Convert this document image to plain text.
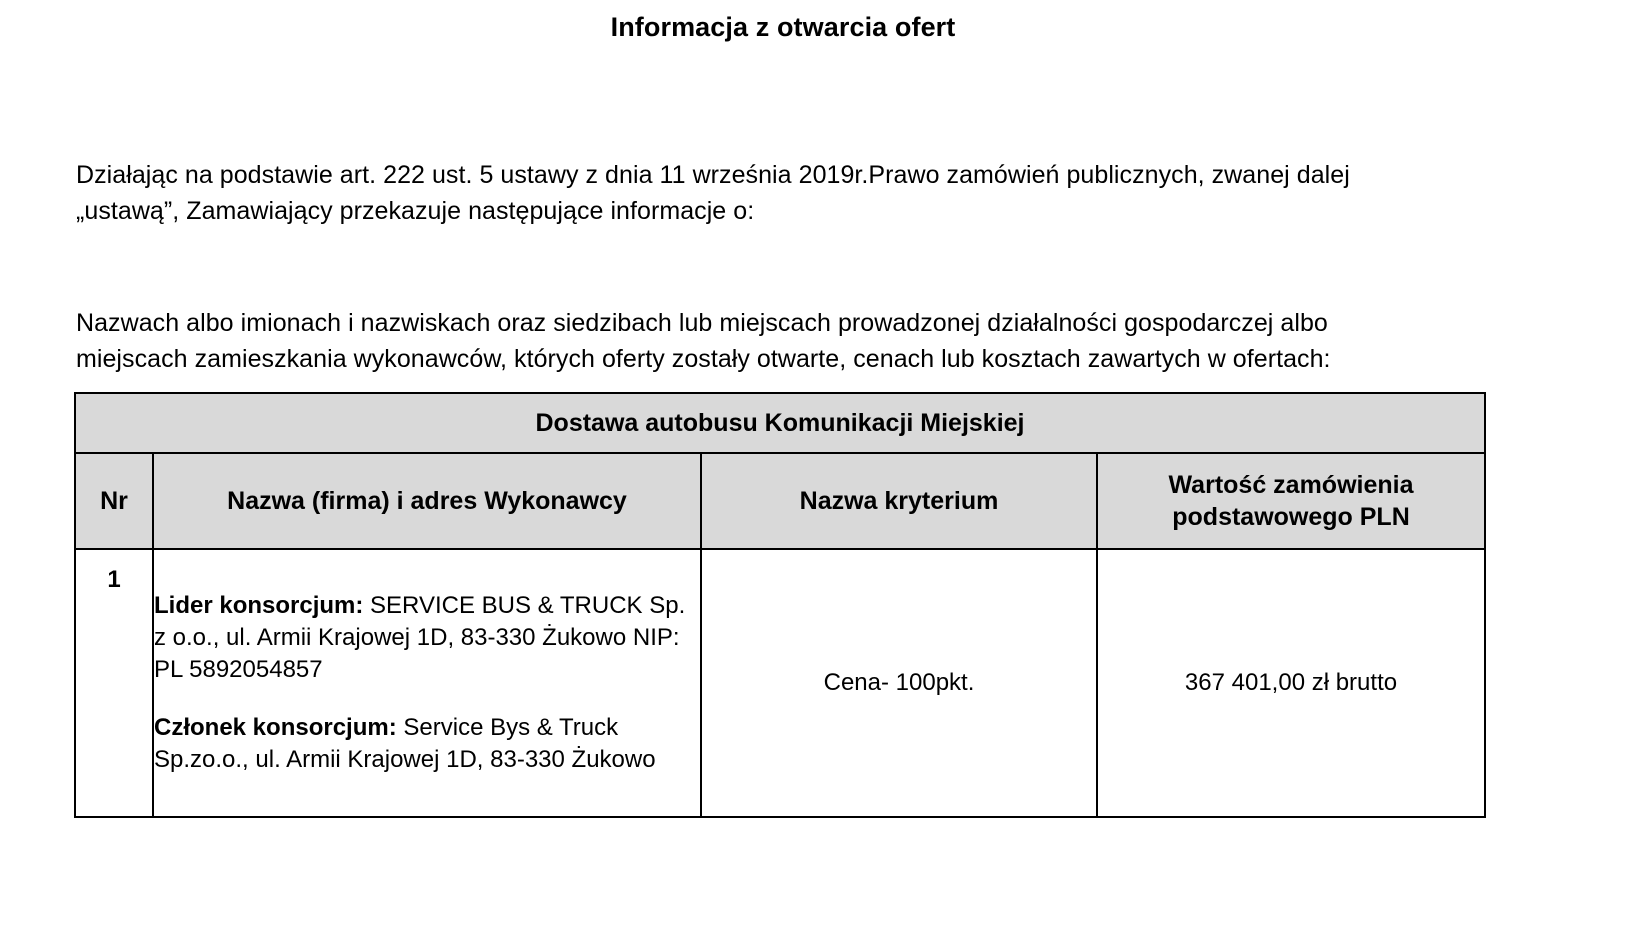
Informacja z otwarcia ofert
Działając na podstawie art. 222 ust. 5 ustawy z dnia 11 września 2019r.Prawo zamówień publicznych, zwanej dalej
„ustawą”, Zamawiający przekazuje następujące informacje o:
Nazwach albo imionach i nazwiskach oraz siedzibach lub miejscach prowadzonej działalności gospodarczej albo
miejscach zamieszkania wykonawców, których oferty zostały otwarte, cenach lub kosztach zawartych w ofertach:
Dostawa autobusu Komunikacji Miejskiej			
Nr	Nazwa (firma) i adres Wykonawcy	Nazwa kryterium	Wartość zamówienia
podstawowego PLN

1	Lider konsorcjum: SERVICE BUS & TRUCK Sp. z o.o., ul. Armii Krajowej 1D, 83-330 Żukowo NIP: PL 5892054857

Członek konsorcjum: Service Bys & Truck Sp.zo.o., ul. Armii Krajowej 1D, 83-330 Żukowo	Cena- 100pkt.	367 401,00 zł brutto
